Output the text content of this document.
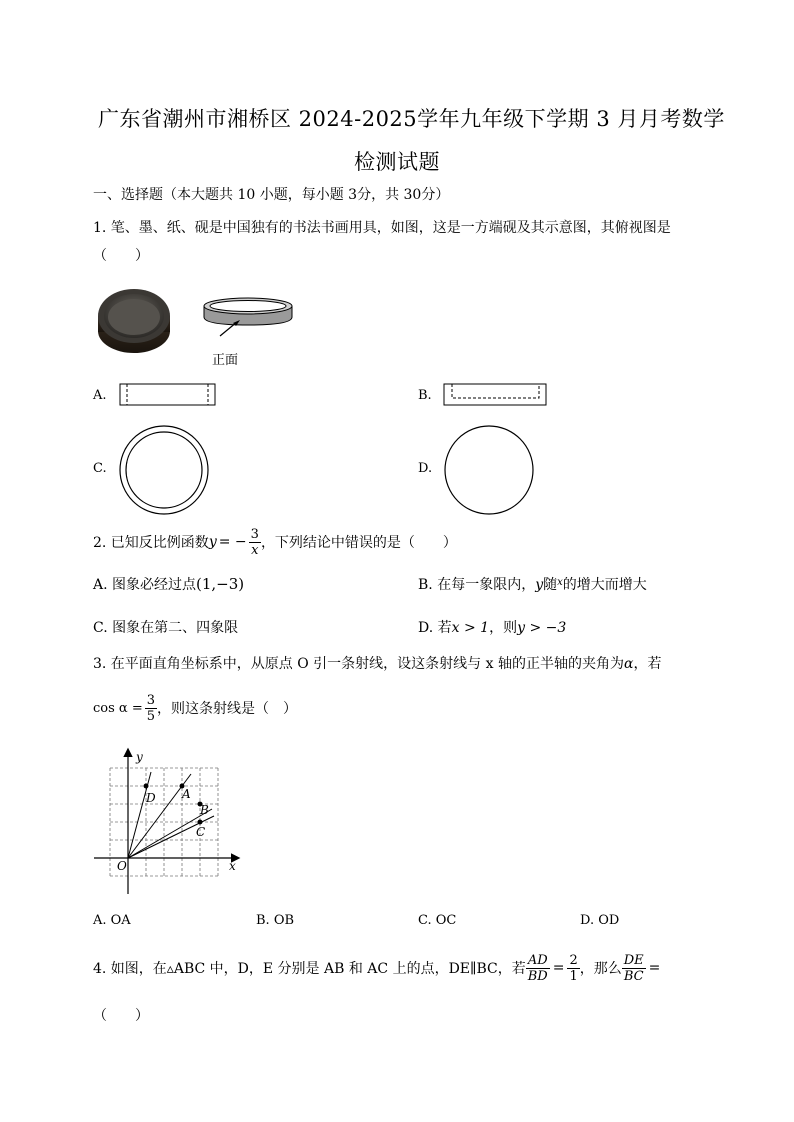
广东省潮州市湘桥区 2024-2025学年九年级下学期 3 月月考数学
检测试题
一、选择题（本大题共 10 小题，每小题 3分，共 30分）
1. 笔、墨、纸、砚是中国独有的书法书画用具，如图，这是一方端砚及其示意图，其俯视图是
（　　）
正面
A.	B.
C.	D.
2. 已知反比例函数 y = − $\frac{3}{x}$ ，下列结论中错误的是（　　）
A. 图象必经过点(1,−3)	B. 在每一象限内，y随$^x$的增大而增大
C. 图象在第二、四象限	D. 若x > 1，则y > −3
3. 在平面直角坐标系中，从原点 O 引一条射线，设这条射线与 x 轴的正半轴的夹角为α，若
$\cos \alpha = \frac{3}{5}$ ，则这条射线是（　）
y
x
O
D A
B
C
A. OA	B. OB	C. OC	D. OD
4. 如图，在▵ABC 中，D，E 分别是 AB 和 AC 上的点，DE∥BC，若 $\frac{AD}{BD} = \frac{2}{1}$ ，那么 $\frac{DE}{BC}$ =
（　　）
